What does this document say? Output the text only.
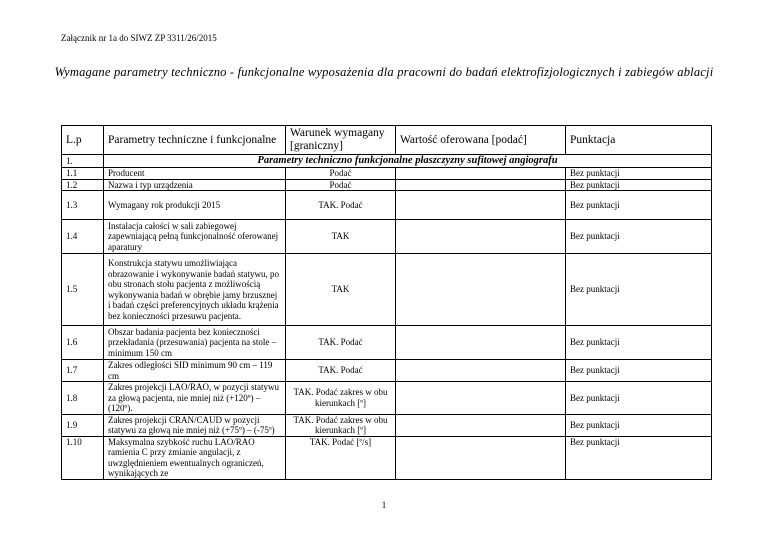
Załącznik nr 1a do SIWZ ZP 3311/26/2015
Wymagane parametry techniczno - funkcjonalne wyposażenia dla pracowni do badań elektrofizjologicznych i zabiegów ablacji
L.p	Parametry techniczne i funkcjonalne	Warunek wymagany [graniczny]	Wartość oferowana [podać]	Punktacja
1.	Parametry techniczno funkcjonalne płaszczyzny sufitowej angiografu			
1.1	Producent	Podać		Bez punktacji
1.2	Nazwa i typ urządzenia	Podać		Bez punktacji
1.3	Wymagany rok produkcji 2015	TAK. Podać		Bez punktacji
1.4	Instalacja całości w sali zabiegowej zapewniającą pełną funkcjonalność oferowanej aparatury	TAK		Bez punktacji
1.5	Konstrukcja statywu umożliwiająca obrazowanie i wykonywanie badań statywu, po obu stronach stołu pacjenta z możliwością wykonywania badań w obrębie jamy brzusznej i badań części preferencyjnych układu krążenia bez konieczności przesuwu pacjenta.	TAK		Bez punktacji
1.6	Obszar badania pacjenta bez konieczności przekładania (przesuwania) pacjenta na stole – minimum 150 cm	TAK. Podać		Bez punktacji
1.7	Zakres odległości SID minimum 90 cm – 119 cm	TAK. Podać		Bez punktacji
1.8	Zakres projekcji LAO/RAO, w pozycji statywu za głową pacjenta, nie mniej niż (+120º) – (120º).	TAK. Podać zakres w obu kierunkach [º]		Bez punktacji
1.9	Zakres projekcji CRAN/CAUD w pozycji statywu za głową nie mniej niż (+75º) – (-75º)	TAK. Podać zakres w obu kierunkach [º]		Bez punktacji
1.10	Maksymalna szybkość ruchu LAO/RAO ramienia C przy zmianie angulacji, z uwzględnieniem ewentualnych ograniczeń, wynikających ze	TAK. Podać [º/s]		Bez punktacji
1
